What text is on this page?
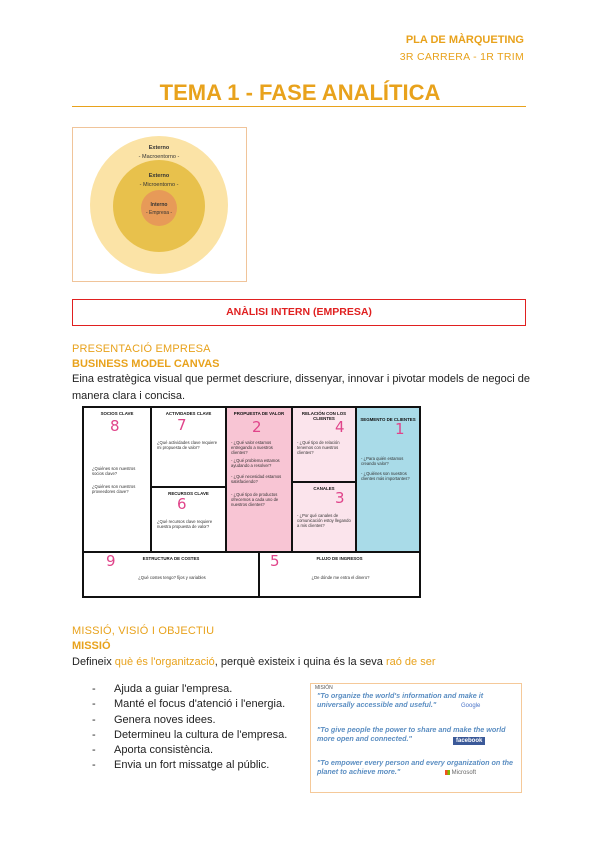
PLA DE MÀRQUETING
3R CARRERA - 1R TRIM
TEMA 1 - FASE ANALÍTICA
Externo
- Macroentorno -
Externo
- Microentorno -
Interno
- Empresa -
ANÀLISI INTERN (EMPRESA)
PRESENTACIÓ EMPRESA
BUSINESS MODEL CANVAS
Eina estratègica visual que permet descriure, dissenyar, innovar i pivotar models de negoci de manera clara i concisa.
SOCIOS CLAVE
8
¿Quiénes son nuestros socios clave?
¿Quiénes son nuestros proveedores clave?
ACTIVIDADES CLAVE
7
¿Qué actividades clave requiere mi propuesta de valor?
RECURSOS CLAVE
6
¿Qué recursos clave requiere nuestra propuesta de valor?
PROPUESTA DE VALOR
2
- ¿Qué valor estamos entregando a nuestros clientes?
- ¿Qué problema estamos ayudando a resolver?
- ¿Qué necesidad estamos satisfaciendo?
- ¿Qué tipo de productos ofrecemos a cada uno de nuestros clientes?
RELACIÓN CON LOS CLIENTES 4
- ¿Qué tipo de relación tenemos con nuestros clientes?
CANALES
3
- ¿Por qué canales de comunicación estoy llegando a mis clientes?
SEGMENTO DE CLIENTES
1
- ¿Para quién estamos creando valor?
- ¿Quiénes son nuestros clientes más importantes?
ESTRUCTURA DE COSTES
9
¿Qué costes tengo? fijos y variables
FLUJO DE INGRESOS
5
¿De dónde me entra el dinero?
MISSIÓ, VISIÓ I OBJECTIU
MISSIÓ
Defineix què és l'organització, perquè existeix i quina és la seva raó de ser
- Ajuda a guiar l'empresa.
- Manté el focus d'atenció i l'energia.
- Genera noves idees.
- Determineu la cultura de l'empresa.
- Aporta consistència.
- Envia un fort missatge al públic.
MISIÓN
"To organize the world's information and make it universally accessible and useful."	Google
"To give people the power to share and make the world more open and connected."	facebook
"To empower every person and every organization on the planet to achieve more."	Microsoft
